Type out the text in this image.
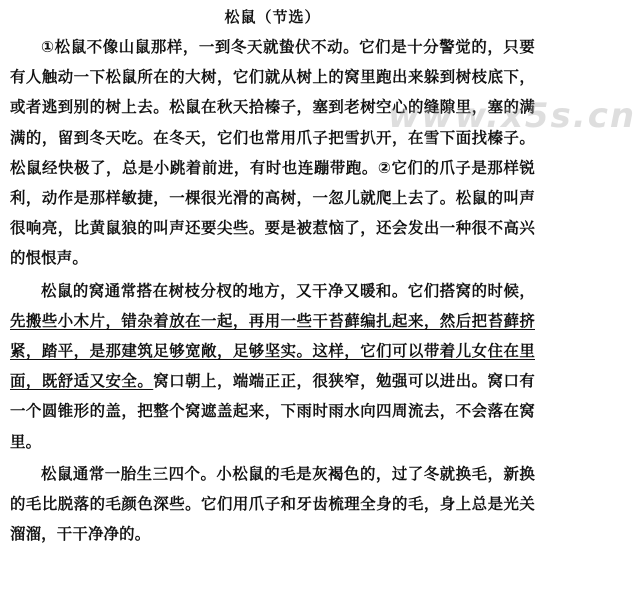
松鼠（节选）

①松鼠不像山鼠那样，一到冬天就蛰伏不动。它们是十分警觉的，只要有人触动一下松鼠所在的大树，它们就从树上的窝里跑出来躲到树枝底下，或者逃到别的树上去。松鼠在秋天拾榛子，塞到老树空心的缝隙里，塞的满满的，留到冬天吃。在冬天，它们也常用爪子把雪扒开，在雪下面找榛子。松鼠经快极了，总是小跳着前进，有时也连蹦带跑。②它们的爪子是那样锐利，动作是那样敏捷，一棵很光滑的高树，一忽儿就爬上去了。松鼠的叫声很响亮，比黄鼠狼的叫声还要尖些。要是被惹恼了，还会发出一种很不高兴的恨恨声。

松鼠的窝通常搭在树枝分杈的地方，又干净又暖和。它们搭窝的时候，先搬些小木片，错杂着放在一起，再用一些干苔藓编扎起来，然后把苔藓挤紧，踏平，是那建筑足够宽敞，足够坚实。这样，它们可以带着儿女住在里面，既舒适又安全。窝口朝上，端端正正，很狭窄，勉强可以进出。窝口有一个圆锥形的盖，把整个窝遮盖起来，下雨时雨水向四周流去，不会落在窝里。

松鼠通常一胎生三四个。小松鼠的毛是灰褐色的，过了冬就换毛，新换的毛比脱落的毛颜色深些。它们用爪子和牙齿梳理全身的毛，身上总是光关溜溜，干干净净的。

www.x5s.cn
